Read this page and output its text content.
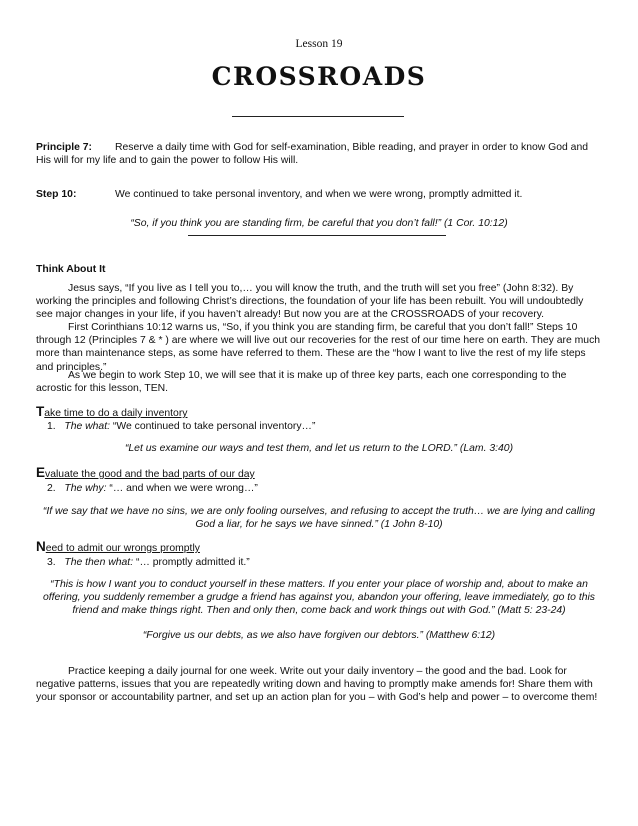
Lesson 19
CROSSROADS

Principle 7: Reserve a daily time with God for self-examination, Bible reading, and prayer in order to know God and His will for my life and to gain the power to follow His will.

Step 10:	We continued to take personal inventory, and when we were wrong, promptly admitted it.

“So, if you think you are standing firm, be careful that you don’t fall!” (1 Cor. 10:12)

Think About It

Jesus says, “If you live as I tell you to,… you will know the truth, and the truth will set you free” (John 8:32). By working the principles and following Christ’s directions, the foundation of your life has been rebuilt. You will undoubtedly see major changes in your life, if you haven’t already! But now you are at the CROSSROADS of your recovery.

First Corinthians 10:12 warns us, “So, if you think you are standing firm, be careful that you don’t fall!” Steps 10 through 12 (Principles 7 & * ) are where we will live out our recoveries for the rest of our time here on earth. They are much more than maintenance steps, as some have referred to them. These are the “how I want to live the rest of my life steps and principles.”

As we begin to work Step 10, we will see that it is make up of three key parts, each one corresponding to the acrostic for this lesson, TEN.

Take time to do a daily inventory

1. The what: “We continued to take personal inventory…”

“Let us examine our ways and test them, and let us return to the LORD.” (Lam. 3:40)

Evaluate the good and the bad parts of our day

2. The why: “… and when we were wrong…”

“If we say that we have no sins, we are only fooling ourselves, and refusing to accept the truth… we are lying and calling God a liar, for he says we have sinned.” (1 John 8-10)

Need to admit our wrongs promptly

3. The then what: “… promptly admitted it.”

“This is how I want you to conduct yourself in these matters. If you enter your place of worship and, about to make an offering, you suddenly remember a grudge a friend has against you, abandon your offering, leave immediately, go to this friend and make things right. Then and only then, come back and work things out with God.” (Matt 5: 23-24)

“Forgive us our debts, as we also have forgiven our debtors.” (Matthew 6:12)

Practice keeping a daily journal for one week. Write out your daily inventory – the good and the bad. Look for negative patterns, issues that you are repeatedly writing down and having to promptly make amends for! Share them with your sponsor or accountability partner, and set up an action plan for you – with God’s help and power – to overcome them!
